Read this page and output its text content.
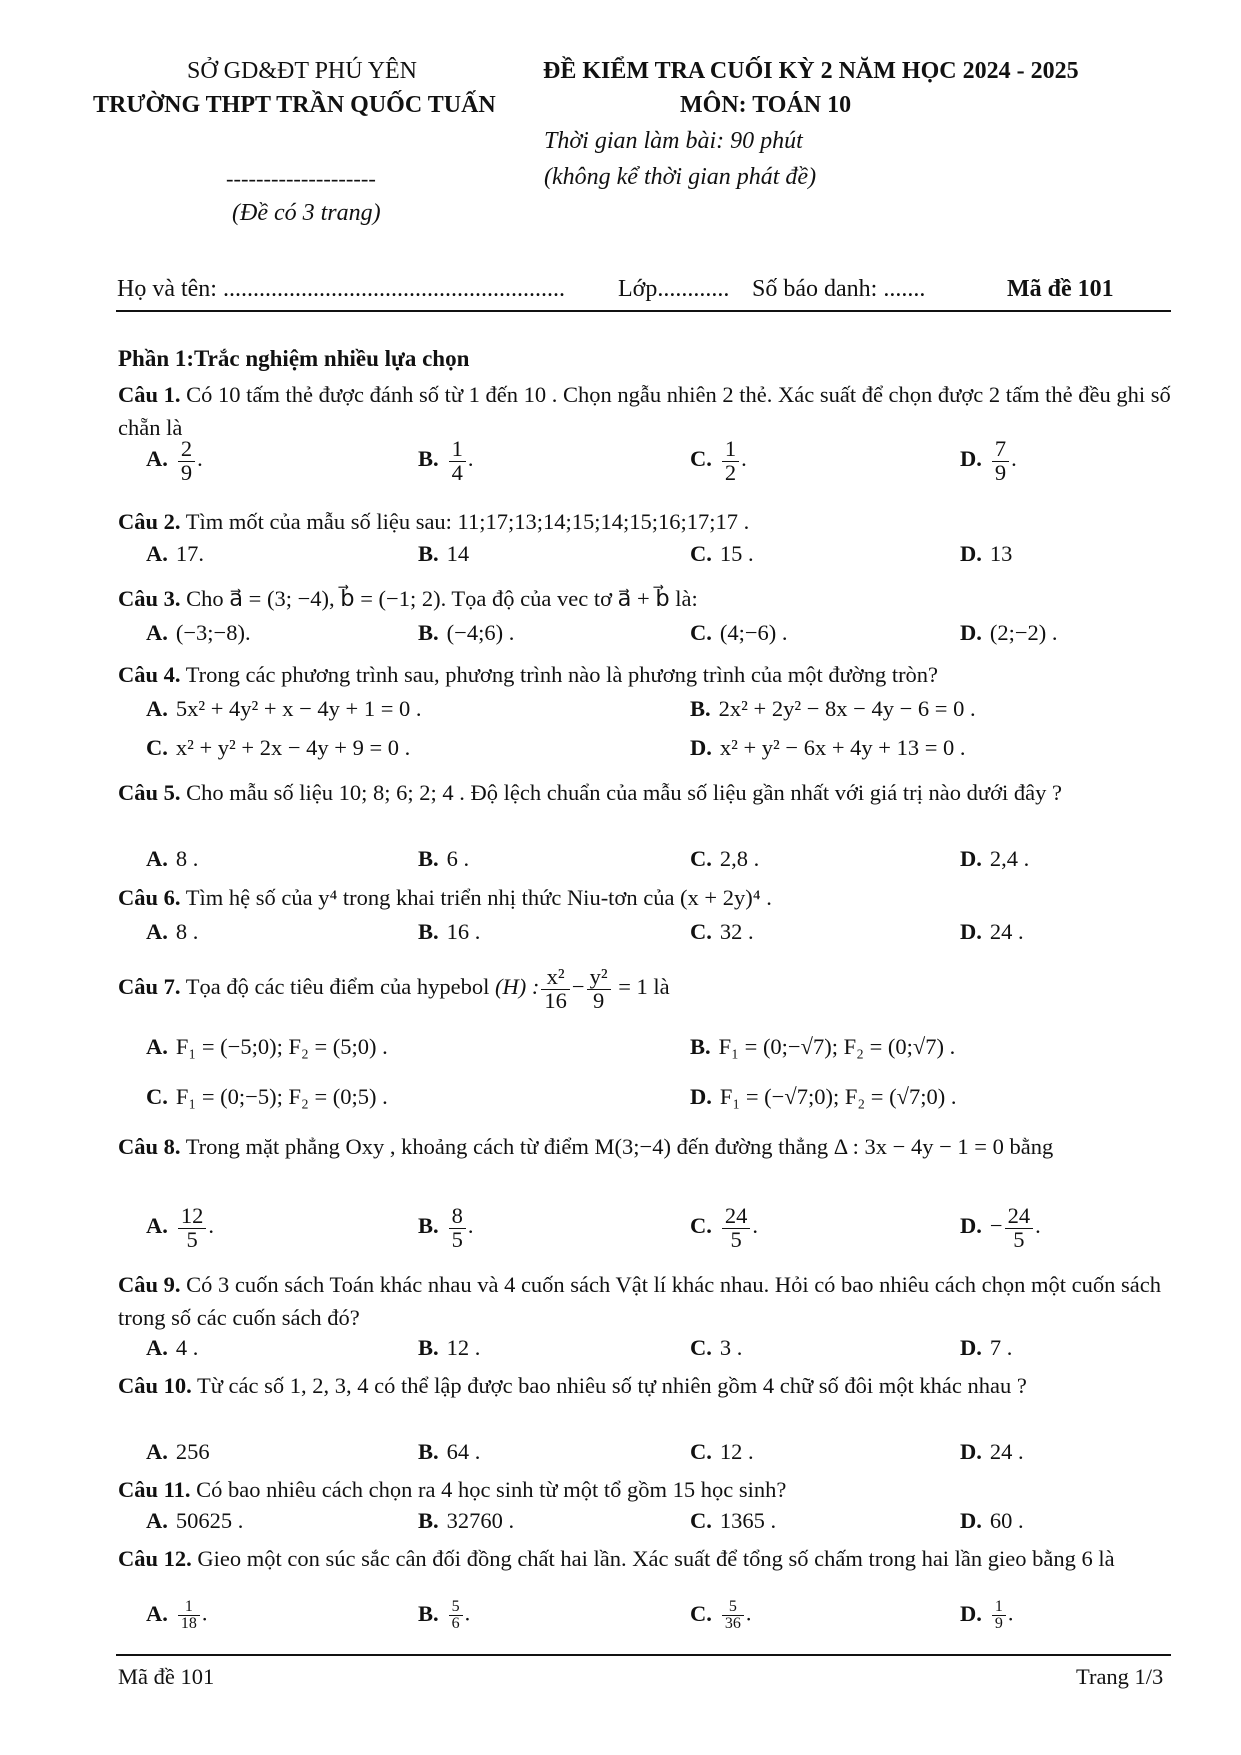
SỞ GD&ĐT PHÚ YÊN
TRƯỜNG THPT TRẦN QUỐC TUẤN
ĐỀ KIỂM TRA CUỐI KỲ 2 NĂM HỌC 2024 - 2025
MÔN: TOÁN 10
Thời gian làm bài: 90 phút
(không kể thời gian phát đề)
--------------------
(Đề có 3 trang)
Họ và tên: ......................................................... Lớp............ Số báo danh: .......	Mã đề 101
Phần 1:Trắc nghiệm nhiều lựa chọn
Câu 1. Có 10 tấm thẻ được đánh số từ 1 đến 10 . Chọn ngẫu nhiên 2 thẻ. Xác suất để chọn được 2 tấm thẻ đều ghi số chẵn là
A. $\frac{2}{9}$ .	B. $\frac{1}{4}$ .	C. $\frac{1}{2}$ .	D. $\frac{7}{9}$ .
Câu 2. Tìm mốt của mẫu số liệu sau: 11;17;13;14;15;14;15;16;17;17 .
A. 17.	B. 14	C. 15 .	D. 13
Câu 3. Cho a⃗ = (3; −4), b⃗ = (−1; 2). Tọa độ của vec tơ a⃗ + b⃗ là:
A. (−3;−8).	B. (−4;6) .	C. (4;−6) .	D. (2;−2) .
Câu 4. Trong các phương trình sau, phương trình nào là phương trình của một đường tròn?
A. 5x² + 4y² + x − 4y + 1 = 0 .	B. 2x² + 2y² − 8x − 4y − 6 = 0 .
C. x² + y² + 2x − 4y + 9 = 0 .	D. x² + y² − 6x + 4y + 13 = 0 .
Câu 5. Cho mẫu số liệu 10; 8; 6; 2; 4 . Độ lệch chuẩn của mẫu số liệu gần nhất với giá trị nào dưới đây ?
A. 8 .	B. 6 .	C. 2,8 .	D. 2,4 .
Câu 6. Tìm hệ số của y⁴ trong khai triển nhị thức Niu-tơn của (x + 2y)⁴ .
A. 8 .	B. 16 .	C. 32 .	D. 24 .
Câu 7. Tọa độ các tiêu điểm của hypebol (H) : $\frac{\text{x²}}{16} - \frac{\text{y²}}{9} = 1$ là
A. F₁ = (−5;0); F₂ = (5;0) .	B. F₁ = (0;−√7); F₂ = (0;√7) .
C. F₁ = (0;−5); F₂ = (0;5) .	D. F₁ = (−√7;0); F₂ = (√7;0) .
Câu 8. Trong mặt phẳng Oxy , khoảng cách từ điểm M(3;−4) đến đường thẳng Δ : 3x − 4y − 1 = 0 bằng
A. $\frac{12}{5}$ .	B. $\frac{8}{5}$ .	C. $\frac{24}{5}$ .	D. − $\frac{24}{5}$ .
Câu 9. Có 3 cuốn sách Toán khác nhau và 4 cuốn sách Vật lí khác nhau. Hỏi có bao nhiêu cách chọn một cuốn sách trong số các cuốn sách đó?
A. 4 .	B. 12 .	C. 3 .	D. 7 .
Câu 10. Từ các số 1, 2, 3, 4 có thể lập được bao nhiêu số tự nhiên gồm 4 chữ số đôi một khác nhau ?
A. 256	B. 64 .	C. 12 .	D. 24 .
Câu 11. Có bao nhiêu cách chọn ra 4 học sinh từ một tổ gồm 15 học sinh?
A. 50625 .	B. 32760 .	C. 1365 .	D. 60 .
Câu 12. Gieo một con súc sắc cân đối đồng chất hai lần. Xác suất để tổng số chấm trong hai lần gieo bằng 6 là
A. $\frac{1}{18}$ .	B. $\frac{5}{6}$ .	C. $\frac{5}{36}$ .	D. $\frac{1}{9}$ .
Mã đề 101	Trang 1/3
